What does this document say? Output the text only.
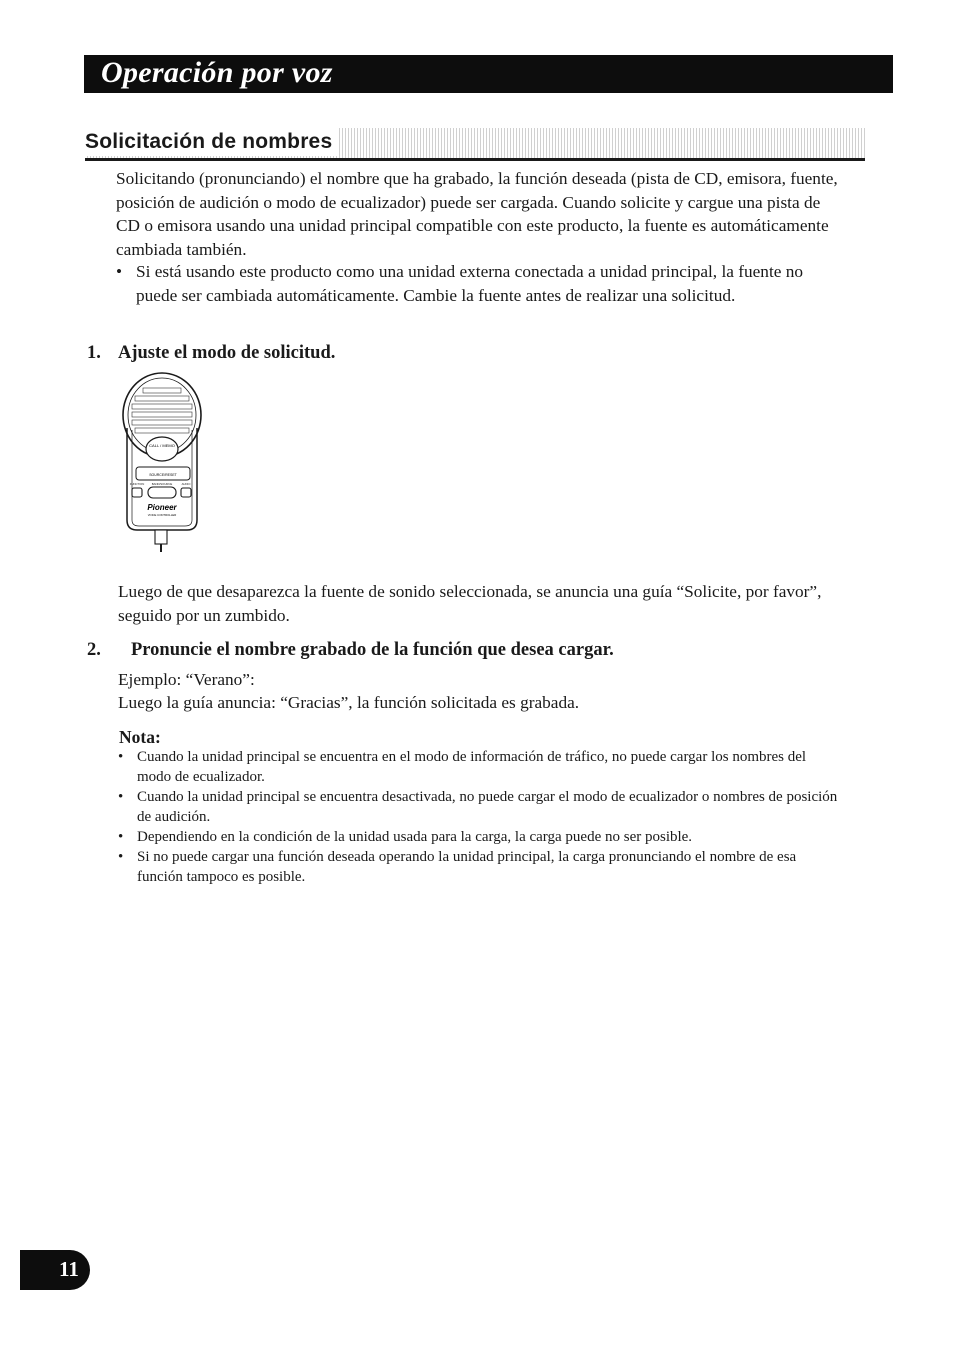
Operación por voz
Solicitación de nombres
Solicitando (pronunciando) el nombre que ha grabado, la función deseada (pista de CD, emisora, fuente, posición de audición o modo de ecualizador) puede ser cargada. Cuando solicite y cargue una pista de CD o emisora usando una unidad principal compatible con este producto, la fuente es automáticamente cambiada también.
• Si está usando este producto como una unidad externa conectada a unidad principal, la fuente no puede ser cambiada automáticamente. Cambie la fuente antes de realizar una solicitud.
1. Ajuste el modo de solicitud.
CALL / MEMO
SOURCE/RESET
FUNCTION	BAND/SOURCE	AUDIO
Pioneer
VOICE CONTROLLER
Luego de que desaparezca la fuente de sonido seleccionada, se anuncia una guía “Solicite, por favor”, seguido por un zumbido.
2. Pronuncie el nombre grabado de la función que desea cargar.
Ejemplo: “Verano”:
Luego la guía anuncia: “Gracias”, la función solicitada es grabada.
Nota:
• Cuando la unidad principal se encuentra en el modo de información de tráfico, no puede cargar los nombres del modo de ecualizador.
• Cuando la unidad principal se encuentra desactivada, no puede cargar el modo de ecualizador o nombres de posición de audición.
• Dependiendo en la condición de la unidad usada para la carga, la carga puede no ser posible.
• Si no puede cargar una función deseada operando la unidad principal, la carga pronunciando el nombre de esa función tampoco es posible.
11
